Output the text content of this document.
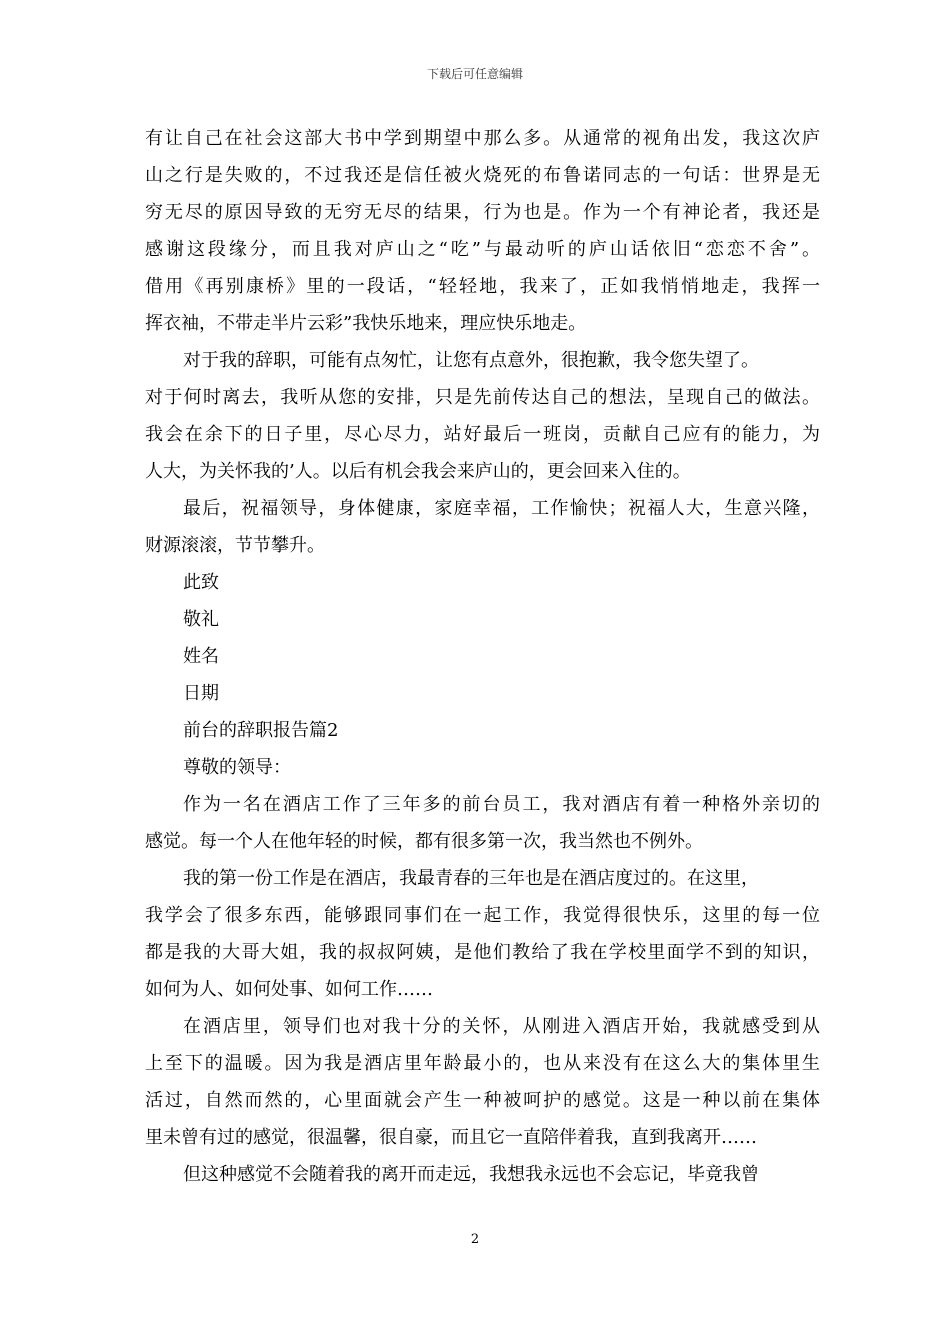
下载后可任意编辑
有让自己在社会这部大书中学到期望中那么多。从通常的视角出发，我这次庐
山之行是失败的，不过我还是信任被火烧死的布鲁诺同志的一句话：世界是无
穷无尽的原因导致的无穷无尽的结果，行为也是。作为一个有神论者，我还是
感谢这段缘分，而且我对庐山之“吃”与最动听的庐山话依旧“恋恋不舍”。
借用《再别康桥》里的一段话，“轻轻地，我来了，正如我悄悄地走，我挥一
挥衣袖，不带走半片云彩”我快乐地来，理应快乐地走。
对于我的辞职，可能有点匆忙，让您有点意外，很抱歉，我令您失望了。
对于何时离去，我听从您的安排，只是先前传达自己的想法，呈现自己的做法。
我会在余下的日子里，尽心尽力，站好最后一班岗，贡献自己应有的能力，为
人大，为关怀我的’人。以后有机会我会来庐山的，更会回来入住的。
最后，祝福领导，身体健康，家庭幸福，工作愉快；祝福人大，生意兴隆，
财源滚滚，节节攀升。
此致
敬礼
姓名
日期
前台的辞职报告篇2
尊敬的领导：
作为一名在酒店工作了三年多的前台员工，我对酒店有着一种格外亲切的
感觉。每一个人在他年轻的时候，都有很多第一次，我当然也不例外。
我的第一份工作是在酒店，我最青春的三年也是在酒店度过的。在这里，
我学会了很多东西，能够跟同事们在一起工作，我觉得很快乐，这里的每一位
都是我的大哥大姐，我的叔叔阿姨，是他们教给了我在学校里面学不到的知识，
如何为人、如何处事、如何工作……
在酒店里，领导们也对我十分的关怀，从刚进入酒店开始，我就感受到从
上至下的温暖。因为我是酒店里年龄最小的，也从来没有在这么大的集体里生
活过，自然而然的，心里面就会产生一种被呵护的感觉。这是一种以前在集体
里未曾有过的感觉，很温馨，很自豪，而且它一直陪伴着我，直到我离开……
但这种感觉不会随着我的离开而走远，我想我永远也不会忘记，毕竟我曾
2
